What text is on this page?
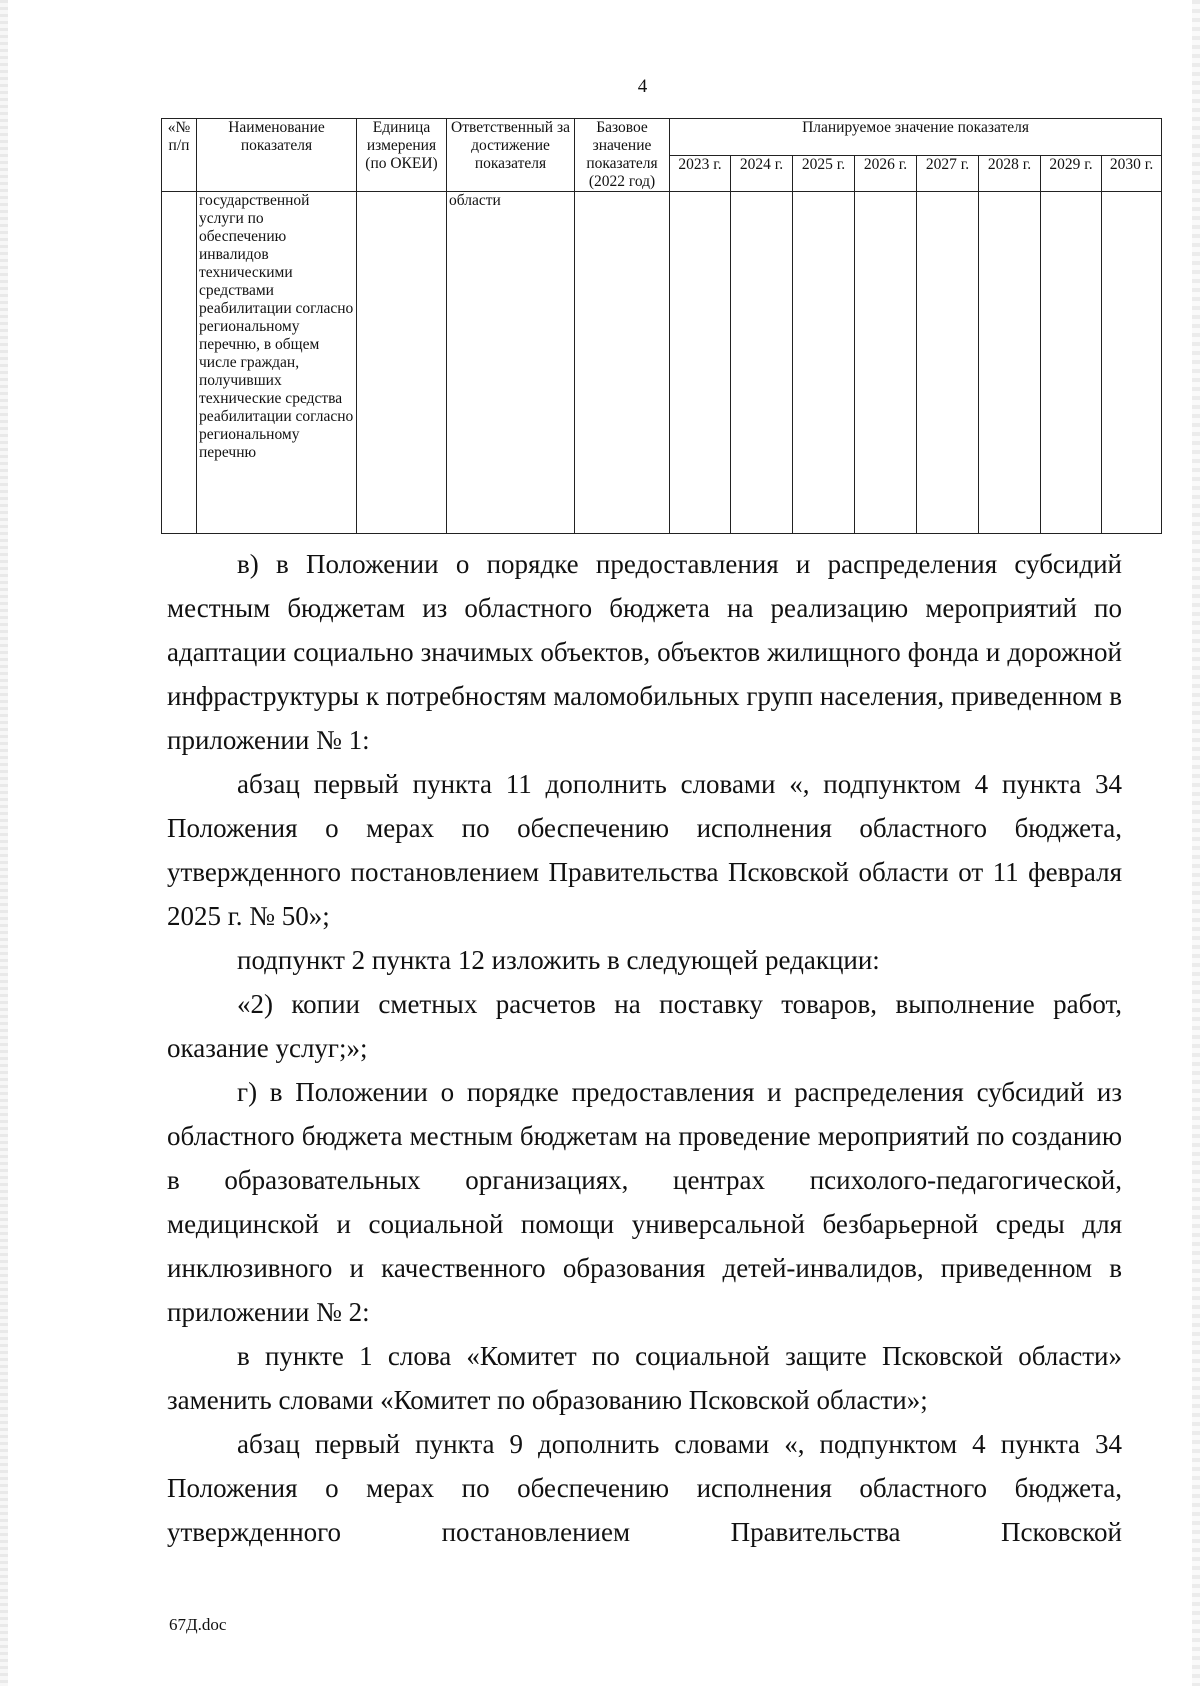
4
«№ п/п	Наименование показателя	Единица измерения (по ОКЕИ)	Ответственный за достижение показателя	Базовое значение показателя (2022 год)	Планируемое значение показателя							
					2023 г.	2024 г.	2025 г.	2026 г.	2027 г.	2028 г.	2029 г.	2030 г.
	государственной услуги по обеспечению инвалидов техническими средствами реабилитации согласно региональному перечню, в общем числе граждан, получивших технические средства реабилитации согласно региональному перечню		области									

в) в Положении о порядке предоставления и распределения субсидий местным бюджетам из областного бюджета на реализацию мероприятий по адаптации социально значимых объектов, объектов жилищного фонда и дорожной инфраструктуры к потребностям маломобильных групп населения, приведенном в приложении № 1:

абзац первый пункта 11 дополнить словами «, подпунктом 4 пункта 34 Положения о мерах по обеспечению исполнения областного бюджета, утвержденного постановлением Правительства Псковской области от 11 февраля 2025 г. № 50»;

подпункт 2 пункта 12 изложить в следующей редакции:

«2) копии сметных расчетов на поставку товаров, выполнение работ, оказание услуг;»;

г) в Положении о порядке предоставления и распределения субсидий из областного бюджета местным бюджетам на проведение мероприятий по созданию в образовательных организациях, центрах психолого-педагогической, медицинской и социальной помощи универсальной безбарьерной среды для инклюзивного и качественного образования детей-инвалидов, приведенном в приложении № 2:

в пункте 1 слова «Комитет по социальной защите Псковской области» заменить словами «Комитет по образованию Псковской области»;

абзац первый пункта 9 дополнить словами «, подпунктом 4 пункта 34 Положения о мерах по обеспечению исполнения областного бюджета, утвержденного постановлением Правительства Псковской

67Д.doc
